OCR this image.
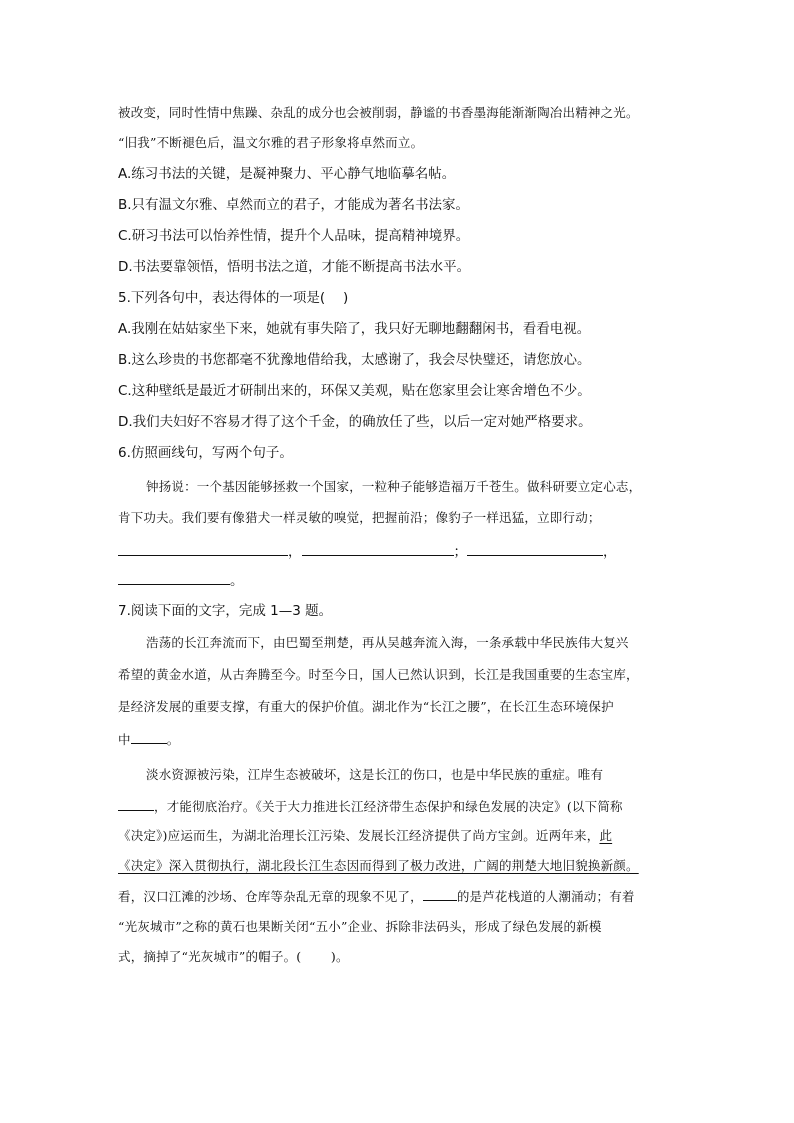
被改变，同时性情中焦躁、杂乱的成分也会被削弱，静谧的书香墨海能渐渐陶冶出精神之光。
“旧我”不断褪色后，温文尔雅的君子形象将卓然而立。
A.练习书法的关键，是凝神聚力、平心静气地临摹名帖。
B.只有温文尔雅、卓然而立的君子，才能成为著名书法家。
C.研习书法可以怡养性情，提升个人品味，提高精神境界。
D.书法要靠领悟，悟明书法之道，才能不断提高书法水平。
5.下列各句中，表达得体的一项是(　 )
A.我刚在姑姑家坐下来，她就有事失陪了，我只好无聊地翻翻闲书，看看电视。
B.这么珍贵的书您都毫不犹豫地借给我，太感谢了，我会尽快璧还，请您放心。
C.这种壁纸是最近才研制出来的，环保又美观，贴在您家里会让寒舍增色不少。
D.我们夫妇好不容易才得了这个千金，的确放任了些，以后一定对她严格要求。
6.仿照画线句，写两个句子。
钟扬说：一个基因能够拯救一个国家，一粒种子能够造福万千苍生。做科研要立定心志，
肯下功夫。我们要有像猎犬一样灵敏的嗅觉，把握前沿；像豹子一样迅猛，立即行动；
，	；	，
。
7.阅读下面的文字，完成 1—3 题。
浩荡的长江奔流而下，由巴蜀至荆楚，再从吴越奔流入海，一条承载中华民族伟大复兴
希望的黄金水道，从古奔腾至今。时至今日，国人已然认识到，长江是我国重要的生态宝库，
是经济发展的重要支撑，有重大的保护价值。湖北作为“长江之腰”，在长江生态环境保护
中	。
淡水资源被污染，江岸生态被破坏，这是长江的伤口，也是中华民族的重症。唯有
，才能彻底治疗。《关于大力推进长江经济带生态保护和绿色发展的决定》(以下简称
《决定》)应运而生，为湖北治理长江污染、发展长江经济提供了尚方宝剑。近两年来，此
《决定》深入贯彻执行，湖北段长江生态因而得到了极力改进，广阔的荆楚大地旧貌换新颜。
看，汉口江滩的沙场、仓库等杂乱无章的现象不见了，	的是芦花栈道的人潮涌动；有着
“光灰城市”之称的黄石也果断关闭“五小”企业、拆除非法码头，形成了绿色发展的新模
式，摘掉了“光灰城市”的帽子。(　　 )。
